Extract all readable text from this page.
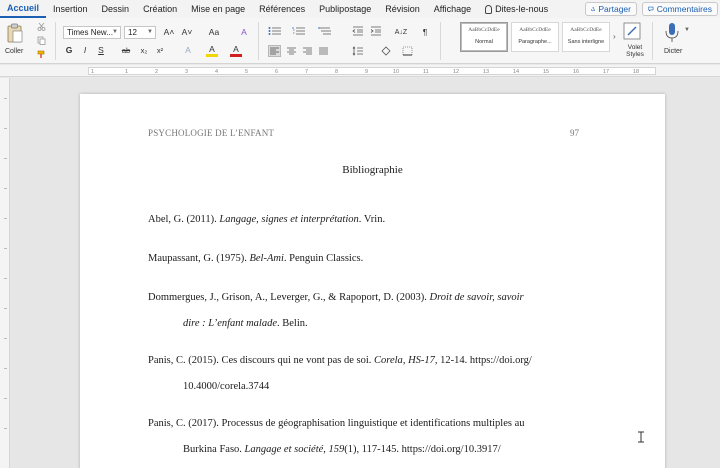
Accueil	Insertion	Dessin	Création	Mise en page	Références	Publipostage	Révision	Affichage	Dites-le-nous	Partager	Commentaires
Coller
Times New... ▼	12 ▼ A˄ A˅	Aa	A
G	I	S ab	x₂	x²	A	A	A
A↓Z	¶	AaBbCcDdEe
Normal
AaBbCcDdEe
Paragraphe...
AaBbCcDdEe
Sans interligne
›
Volet Styles
▼
Dicter
1	1	2	3	4	5	6	7	8	9	10	11	12	13	14	15	16	17	18
PSYCHOLOGIE DE L’ENFANT	97
Bibliographie
Abel, G. (2011). Langage, signes et interprétation. Vrin.
Maupassant, G. (1975). Bel-Ami. Penguin Classics.
Dommergues, J., Grison, A., Leverger, G., & Rapoport, D. (2003). Droit de savoir, savoir
dire : L’enfant malade. Belin.
Panis, C. (2015). Ces discours qui ne vont pas de soi. Corela, HS-17, 12-14. https://doi.org/
10.4000/corela.3744
Panis, C. (2017). Processus de géographisation linguistique et identifications multiples au
Burkina Faso. Langage et société, 159(1), 117-145. https://doi.org/10.3917/
